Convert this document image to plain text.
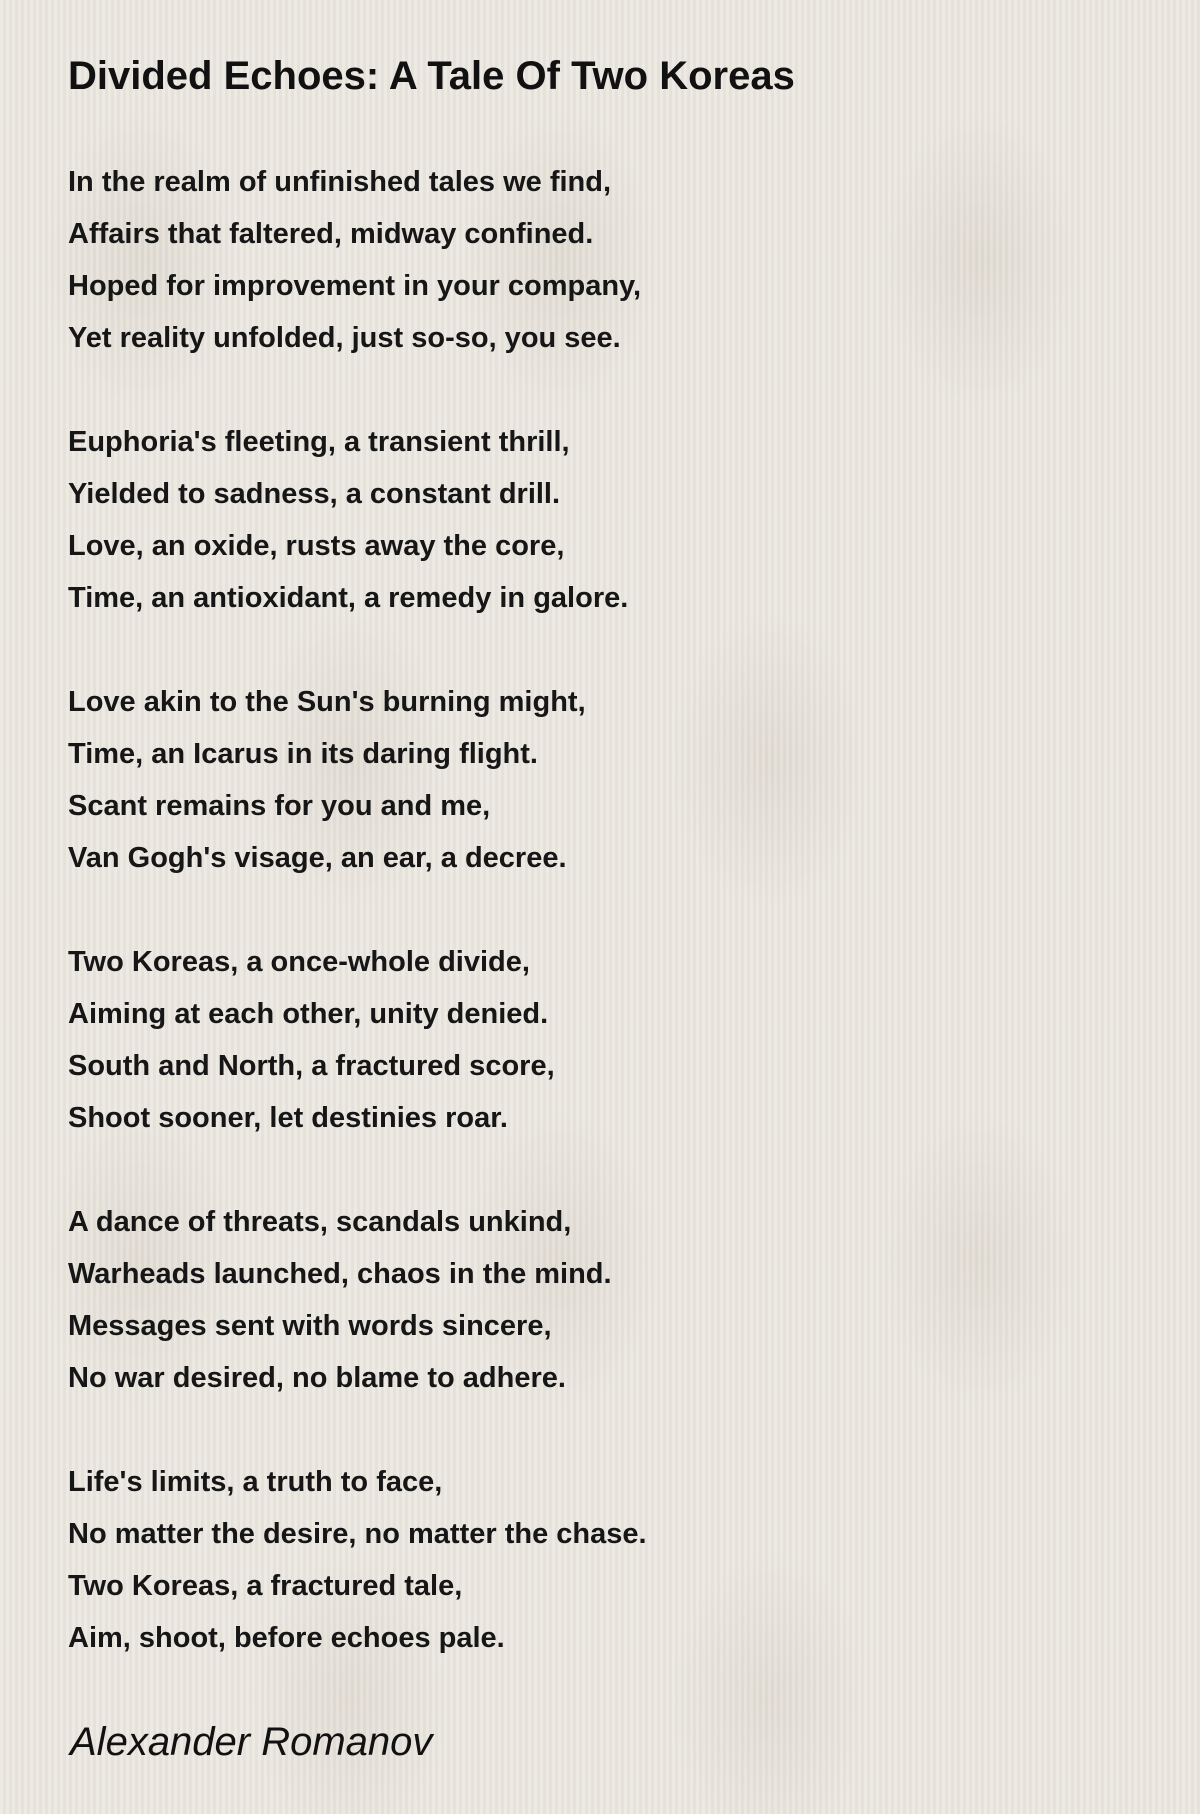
Divided Echoes: A Tale Of Two Koreas
In the realm of unfinished tales we find,
Affairs that faltered, midway confined.
Hoped for improvement in your company,
Yet reality unfolded, just so-so, you see.
Euphoria's fleeting, a transient thrill,
Yielded to sadness, a constant drill.
Love, an oxide, rusts away the core,
Time, an antioxidant, a remedy in galore.
Love akin to the Sun's burning might,
Time, an Icarus in its daring flight.
Scant remains for you and me,
Van Gogh's visage, an ear, a decree.
Two Koreas, a once-whole divide,
Aiming at each other, unity denied.
South and North, a fractured score,
Shoot sooner, let destinies roar.
A dance of threats, scandals unkind,
Warheads launched, chaos in the mind.
Messages sent with words sincere,
No war desired, no blame to adhere.
Life's limits, a truth to face,
No matter the desire, no matter the chase.
Two Koreas, a fractured tale,
Aim, shoot, before echoes pale.
Alexander Romanov
